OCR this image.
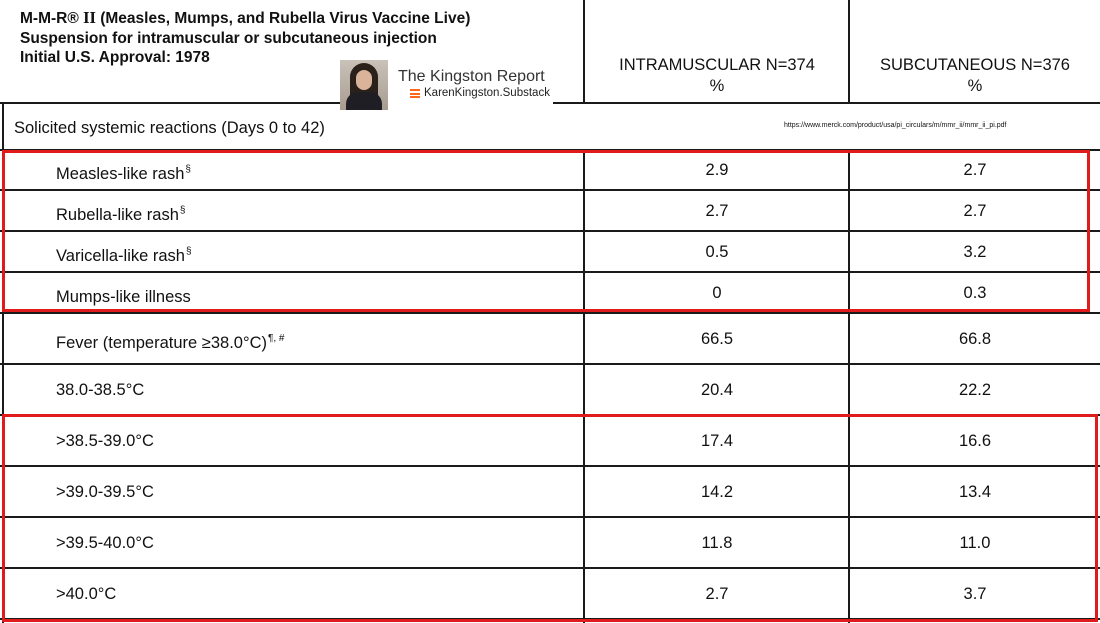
M-M-R® II (Measles, Mumps, and Rubella Virus Vaccine Live)
Suspension for intramuscular or subcutaneous injection
Initial U.S. Approval: 1978
The Kingston Report
KarenKingston.Substack
INTRAMUSCULAR N=374
%
SUBCUTANEOUS N=376
%
Solicited systemic reactions (Days 0 to 42)	https://www.merck.com/product/usa/pi_circulars/m/mmr_ii/mmr_ii_pi.pdf
Measles-like rash§	2.9	2.7
Rubella-like rash§	2.7	2.7
Varicella-like rash§	0.5	3.2
Mumps-like illness	0	0.3
Fever (temperature ≥38.0°C)¶, #	66.5	66.8
38.0-38.5°C	20.4	22.2
>38.5-39.0°C	17.4	16.6
>39.0-39.5°C	14.2	13.4
>39.5-40.0°C	11.8	11.0
>40.0°C	2.7	3.7
